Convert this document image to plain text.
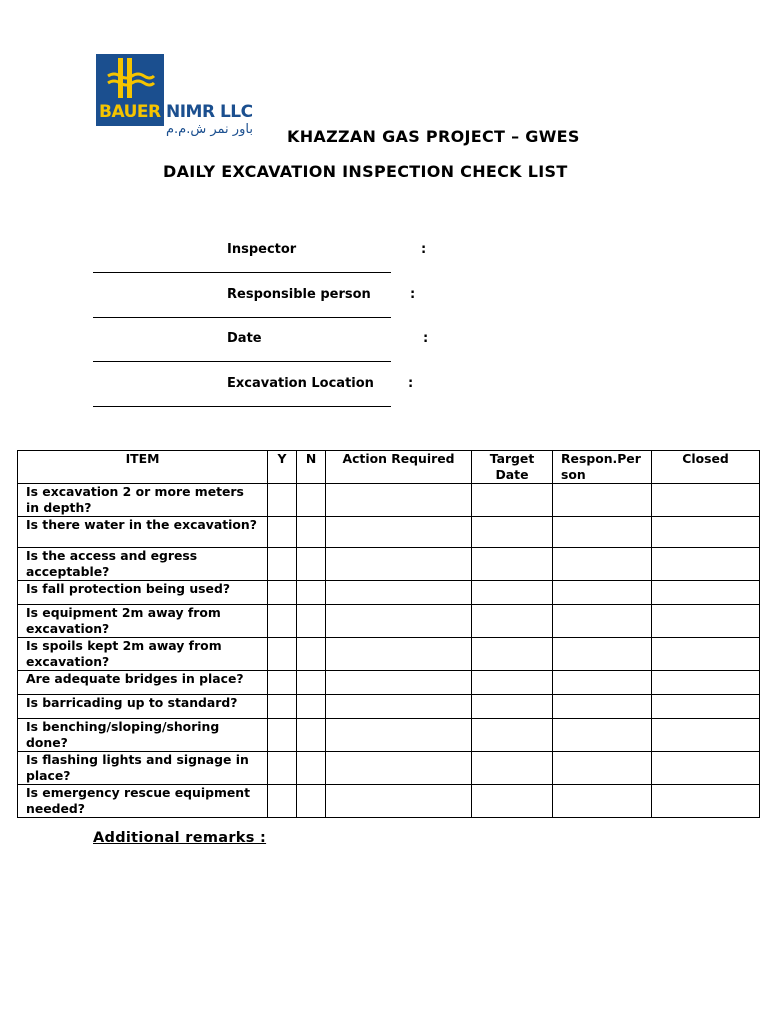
BAUER NIMR LLC
باور نمر ش.م.م KHAZZAN GAS PROJECT – GWES
DAILY EXCAVATION INSPECTION CHECK LIST
Inspector	:
Responsible person	:
Date	:
Excavation Location	:
ITEM	Y	N	Action Required	Target Date	Respon.Per son	Closed
Is excavation 2 or more meters in depth?						
Is there water in the excavation?						
Is the access and egress acceptable?						
Is fall protection being used?						
Is equipment 2m away from excavation?						
Is spoils kept 2m away from excavation?						
Are adequate bridges in place?						
Is barricading up to standard?						
Is benching/sloping/shoring done?						
Is flashing lights and signage in place?						
Is emergency rescue equipment needed?						
Additional remarks :
